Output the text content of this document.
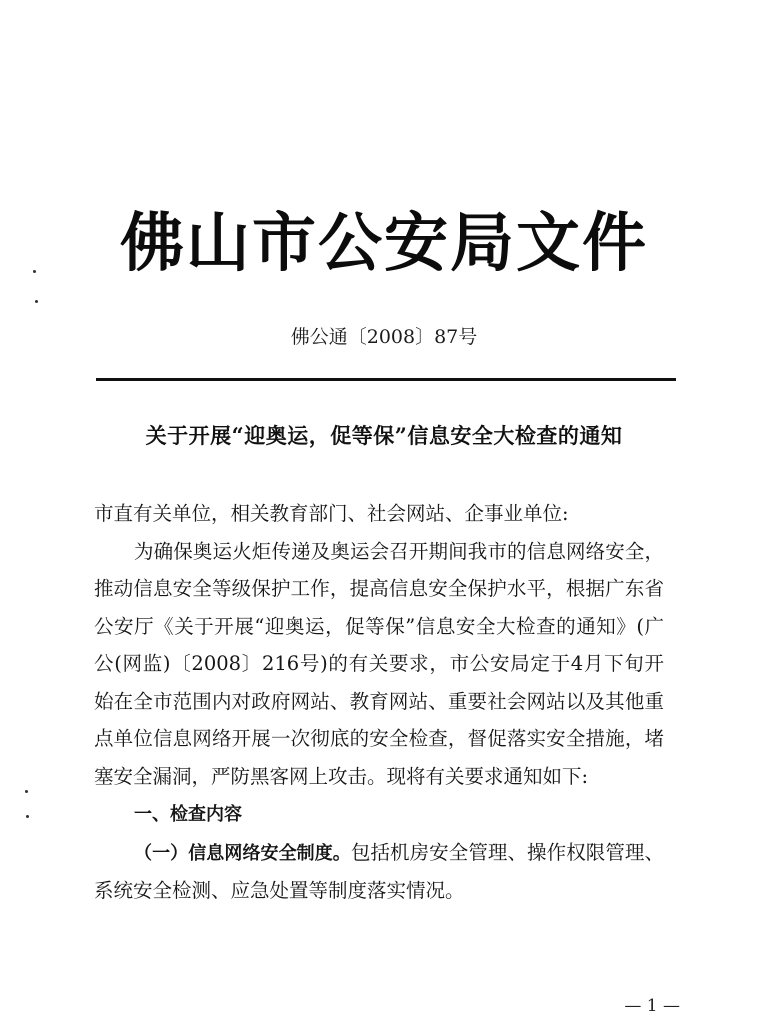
佛山市公安局文件
佛公通〔2008〕87号
关于开展“迎奥运，促等保”信息安全大检查的通知

市直有关单位，相关教育部门、社会网站、企事业单位:

为确保奥运火炬传递及奥运会召开期间我市的信息网络安全，推动信息安全等级保护工作，提高信息安全保护水平，根据广东省公安厅《关于开展“迎奥运，促等保”信息安全大检查的通知》(广公(网监)〔2008〕216号)的有关要求，市公安局定于4月下旬开始在全市范围内对政府网站、教育网站、重要社会网站以及其他重点单位信息网络开展一次彻底的安全检查，督促落实安全措施，堵塞安全漏洞，严防黑客网上攻击。现将有关要求通知如下:

一、检查内容

（一）信息网络安全制度。包括机房安全管理、操作权限管理、系统安全检测、应急处置等制度落实情况。

— 1 —
